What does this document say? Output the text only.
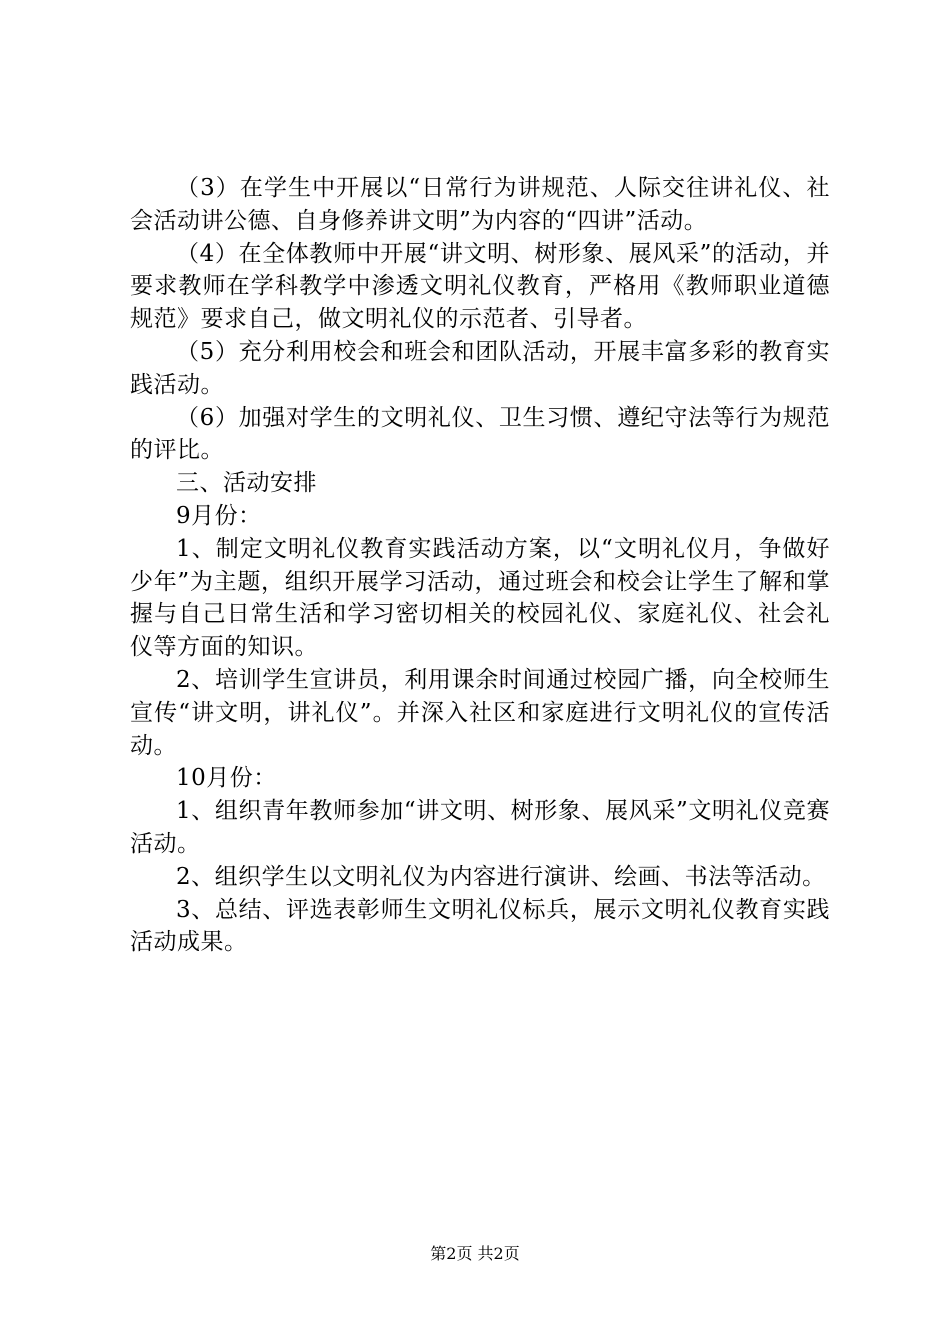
（3）在学生中开展以“日常行为讲规范、人际交往讲礼仪、社会活动讲公德、自身修养讲文明”为内容的“四讲”活动。

（4）在全体教师中开展“讲文明、树形象、展风采”的活动，并要求教师在学科教学中渗透文明礼仪教育，严格用《教师职业道德规范》要求自己，做文明礼仪的示范者、引导者。

（5）充分利用校会和班会和团队活动，开展丰富多彩的教育实践活动。

（6）加强对学生的文明礼仪、卫生习惯、遵纪守法等行为规范的评比。

三、活动安排

9月份：

1、制定文明礼仪教育实践活动方案，以“文明礼仪月，争做好少年”为主题，组织开展学习活动，通过班会和校会让学生了解和掌握与自己日常生活和学习密切相关的校园礼仪、家庭礼仪、社会礼仪等方面的知识。

2、培训学生宣讲员，利用课余时间通过校园广播，向全校师生宣传“讲文明，讲礼仪”。并深入社区和家庭进行文明礼仪的宣传活动。

10月份：

1、组织青年教师参加“讲文明、树形象、展风采”文明礼仪竞赛活动。

2、组织学生以文明礼仪为内容进行演讲、绘画、书法等活动。

3、总结、评选表彰师生文明礼仪标兵，展示文明礼仪教育实践活动成果。

第2页 共2页
